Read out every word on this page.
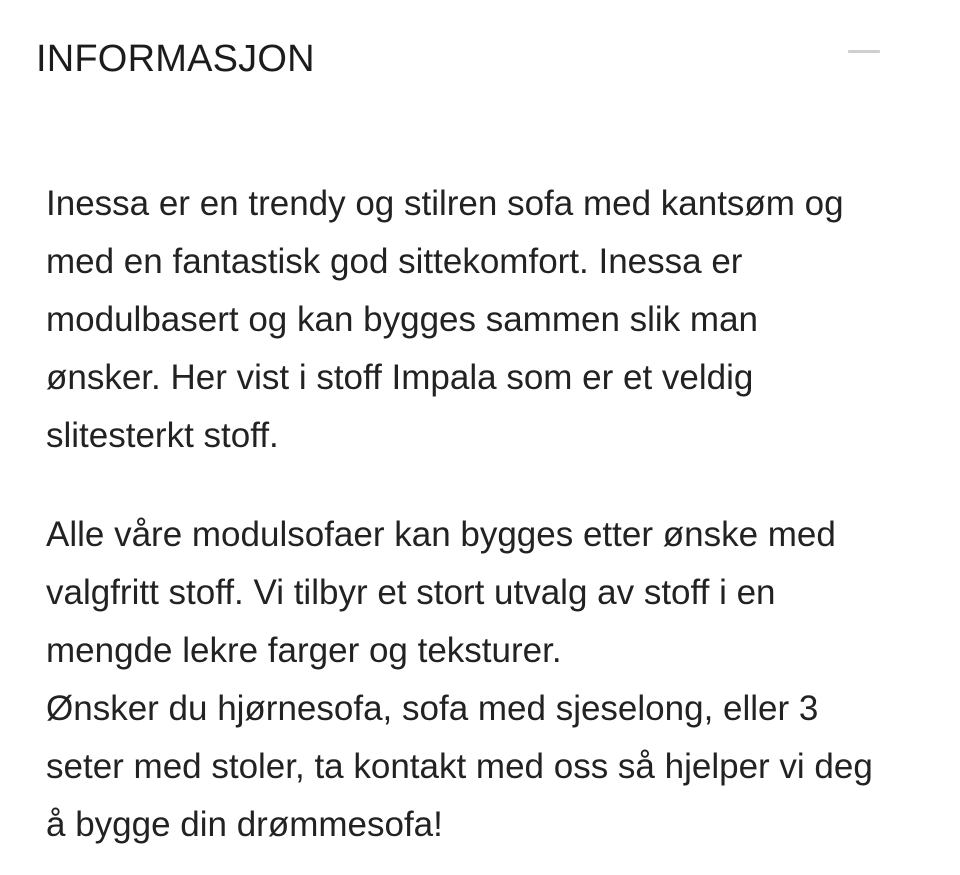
INFORMASJON

Inessa er en trendy og stilren sofa med kantsøm og
med en fantastisk god sittekomfort. Inessa er
modulbasert og kan bygges sammen slik man
ønsker. Her vist i stoff Impala som er et veldig
slitesterkt stoff.

Alle våre modulsofaer kan bygges etter ønske med
valgfritt stoff. Vi tilbyr et stort utvalg av stoff i en
mengde lekre farger og teksturer.
Ønsker du hjørnesofa, sofa med sjeselong, eller 3
seter med stoler, ta kontakt med oss så hjelper vi deg
å bygge din drømmesofa!
